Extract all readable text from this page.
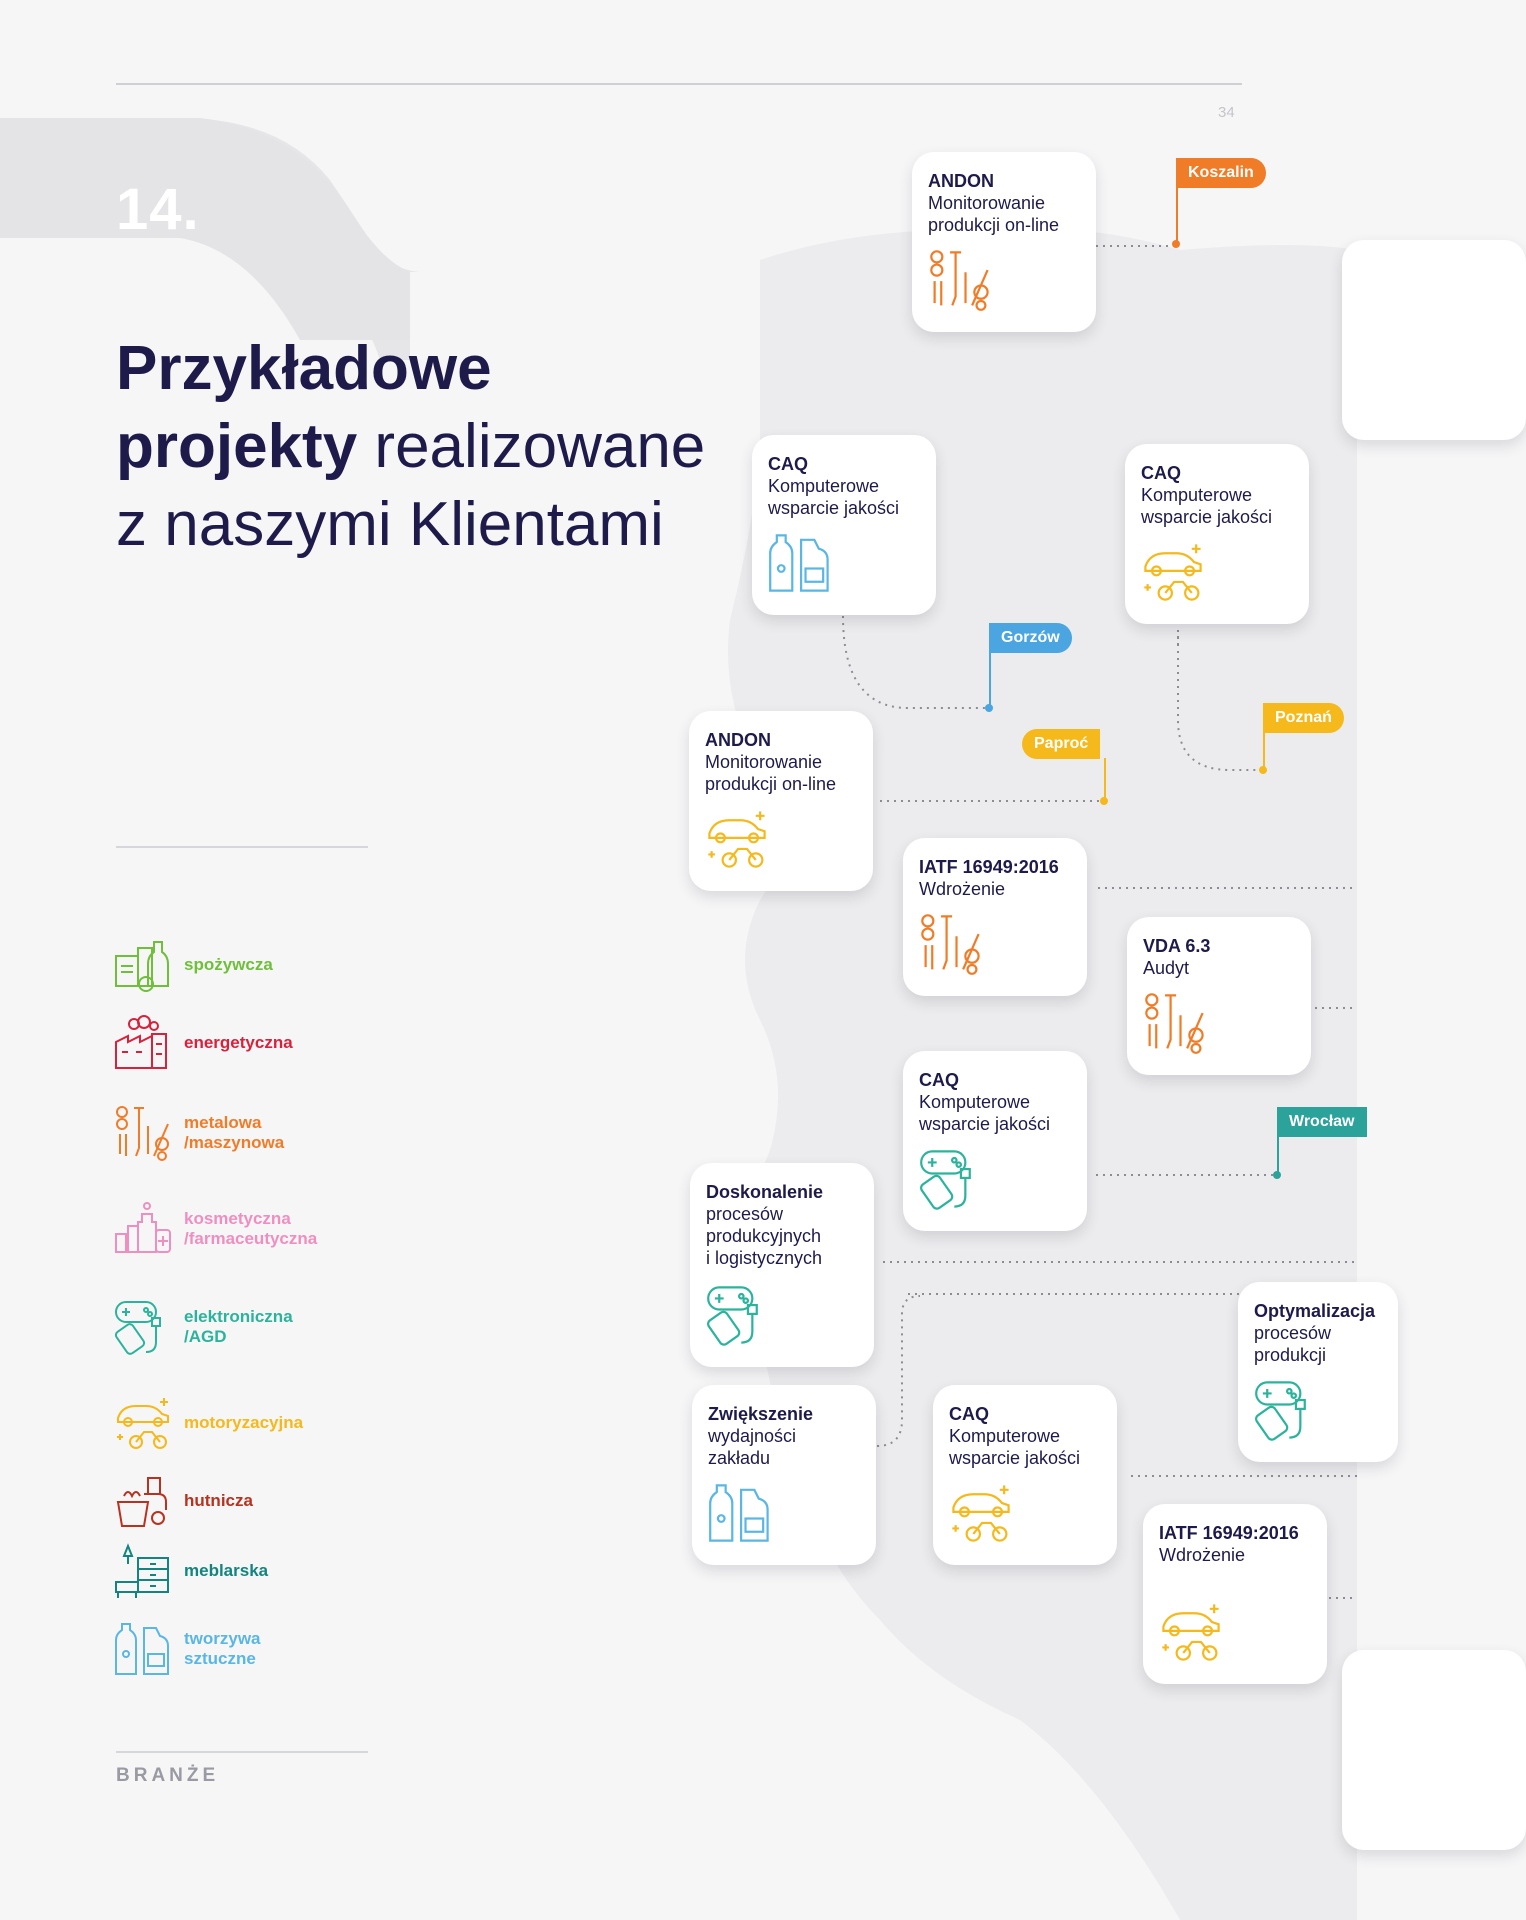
34
14.
Przykładowe
projekty realizowane
z naszymi Klientami
spożywcza
energetyczna
metalowa
/maszynowa
kosmetyczna
/farmaceutyczna
elektroniczna
/AGD
motoryzacyjna
hutnicza
meblarska
tworzywa
sztuczne
BRANŻE
Koszalin
Gorzów
Poznań
Paproć
Wrocław
ANDON
Monitorowanie
produkcji on-line
CAQ
Komputerowe
wsparcie jakości
CAQ
Komputerowe
wsparcie jakości
ANDON
Monitorowanie
produkcji on-line
IATF 16949:2016
Wdrożenie
VDA 6.3
Audyt
CAQ
Komputerowe
wsparcie jakości
Doskonalenie
procesów
produkcyjnych
i logistycznych
Optymalizacja
procesów
produkcji
Zwiększenie
wydajności
zakładu
CAQ
Komputerowe
wsparcie jakości
IATF 16949:2016
Wdrożenie
